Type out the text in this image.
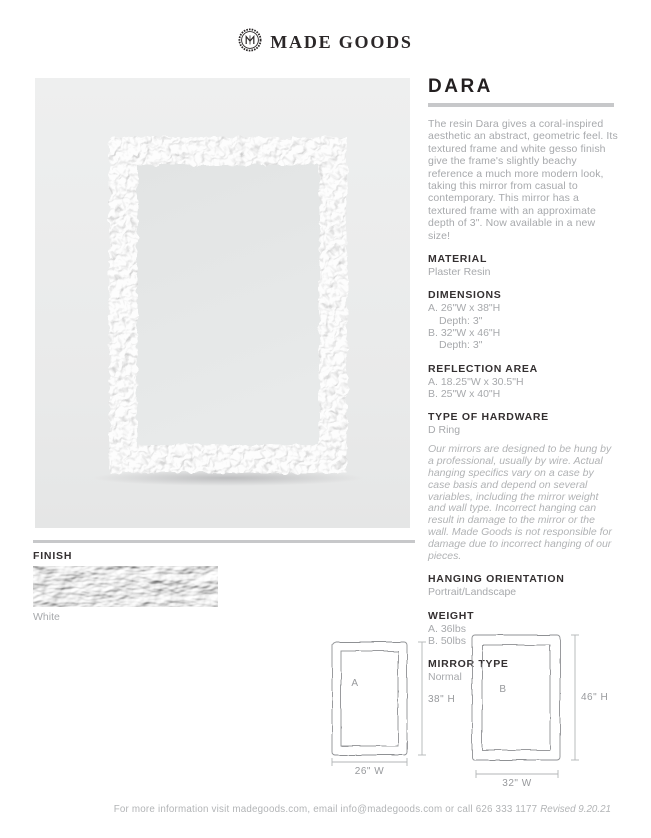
MADE GOODS
FINISH
White
DARA
The resin Dara gives a coral-inspired aesthetic an abstract, geometric feel. Its textured frame and white gesso finish give the frame's slightly beachy reference a much more modern look, taking this mirror from casual to contemporary. This mirror has a textured frame with an approximate depth of 3". Now available in a new size!
MATERIAL
Plaster Resin
DIMENSIONS
A. 26"W x 38"H
Depth: 3"
B. 32"W x 46"H
Depth: 3"
REFLECTION AREA
A. 18.25"W x 30.5"H
B. 25"W x 40"H
TYPE OF HARDWARE
D Ring
Our mirrors are designed to be hung by a professional, usually by wire. Actual hanging specifics vary on a case by case basis and depend on several variables, including the mirror weight and wall type. Incorrect hanging can result in damage to the mirror or the wall. Made Goods is not responsible for damage due to incorrect hanging of our pieces.
HANGING ORIENTATION
Portrait/Landscape
WEIGHT
A. 36lbs
B. 50lbs
MIRROR TYPE
Normal
A
38" H
26" W
B
46" H
32" W
For more information visit madegoods.com, email info@madegoods.com or call 626 333 1177 Revised 9.20.21
